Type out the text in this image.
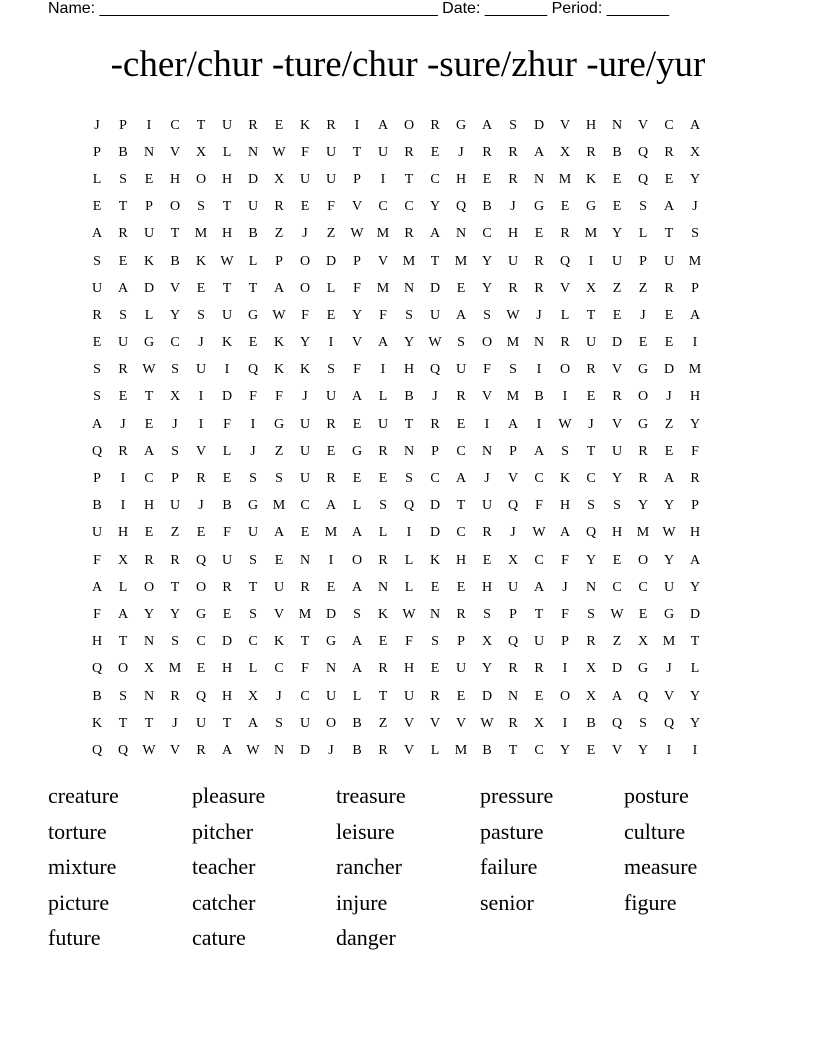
Name: ______________________________________ Date: _______ Period: _______
-cher/chur -ture/chur -sure/zhur -ure/yur
J	P	I	C	T	U	R	E	K	R	I	A	O	R	G	A	S	D	V	H	N	V	C	A
P	B	N	V	X	L	N	W	F	U	T	U	R	E	J	R	R	A	X	R	B	Q	R	X
L	S	E	H	O	H	D	X	U	U	P	I	T	C	H	E	R	N	M	K	E	Q	E	Y
E	T	P	O	S	T	U	R	E	F	V	C	C	Y	Q	B	J	G	E	G	E	S	A	J
A	R	U	T	M	H	B	Z	J	Z	W M	R	A	N	C	H	E	R	M	Y	L	T	S
S	E	K	B	K	W	L	P	O	D	P	V	M	T	M	Y	U	R	Q	I	U	P	U	M
U	A	D	V	E	T	T	A	O	L	F	M	N	D	E	Y	R	R	V	X	Z	Z	R	P
R	S	L	Y	S	U	G	W	F	E	Y	F	S	U	A	S	W	J	L	T	E	J	E	A
E	U	G	C	J	K	E	K	Y	I	V	A	Y	W	S	O	M	N	R	U	D	E	E	I
S	R	W	S	U	I	Q	K	K	S	F	I	H	Q	U	F	S	I	O	R	V	G	D	M
S	E	T	X	I	D	F	F	J	U	A	L	B	J	R	V	M	B	I	E	R	O	J	H
A	J	E	J	I	F	I	G	U	R	E	U	T	R	E	I	A	I	W	J	V	G	Z	Y
Q	R	A	S	V	L	J	Z	U	E	G	R	N	P	C	N	P	A	S	T	U	R	E	F
P	I	C	P	R	E	S	S	U	R	E	E	S	C	A	J	V	C	K	C	Y	R	A	R
B	I	H	U	J	B	G	M	C	A	L	S	Q	D	T	U	Q	F	H	S	S	Y	Y	P
U	H	E	Z	E	F	U	A	E	M	A	L	I	D	C	R	J	W	A	Q	H	M W	H
F	X	R	R	Q	U	S	E	N	I	O	R	L	K	H	E	X	C	F	Y	E	O	Y	A
A	L	O	T	O	R	T	U	R	E	A	N	L	E	E	H	U	A	J	N	C	C	U	Y
F	A	Y	Y	G	E	S	V	M	D	S	K	W	N	R	S	P	T	F	S	W	E	G	D
H	T	N	S	C	D	C	K	T	G	A	E	F	S	P	X	Q	U	P	R	Z	X	M	T
Q	O	X	M	E	H	L	C	F	N	A	R	H	E	U	Y	R	R	I	X	D	G	J	L
B	S	N	R	Q	H	X	J	C	U	L	T	U	R	E	D	N	E	O	X	A	Q	V	Y
K	T	T	J	U	T	A	S	U	O	B	Z	V	V	V	W	R	X	I	B	Q	S	Q	Y
Q	Q	W	V	R	A	W	N	D	J	B	R	V	L	M	B	T	C	Y	E	V	Y	I	I
creature	pleasure	treasure	pressure	posture
torture	pitcher	leisure	pasture	culture
mixture	teacher	rancher	failure	measure
picture	catcher	injure	senior	figure
future	cature	danger
